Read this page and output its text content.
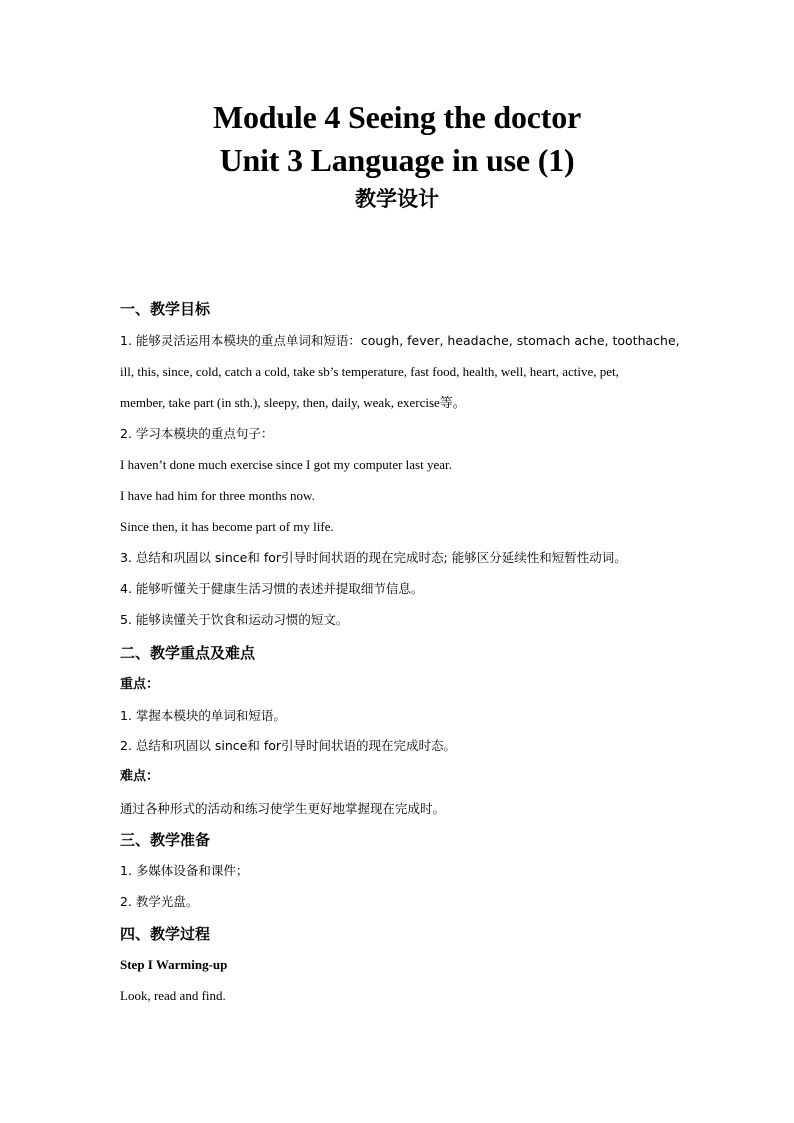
Module 4 Seeing the doctor
Unit 3 Language in use (1)
教学设计
一、教学目标
1. 能够灵活运用本模块的重点单词和短语：cough, fever, headache, stomach ache, toothache,
ill, this, since, cold, catch a cold, take sb’s temperature, fast food, health, well, heart, active, pet,
member, take part (in sth.), sleepy, then, daily, weak, exercise等。
2. 学习本模块的重点句子：
I haven’t done much exercise since I got my computer last year.
I have had him for three months now.
Since then, it has become part of my life.
3. 总结和巩固以 since和 for引导时间状语的现在完成时态; 能够区分延续性和短暂性动词。
4. 能够听懂关于健康生活习惯的表述并提取细节信息。
5. 能够读懂关于饮食和运动习惯的短文。
二、教学重点及难点
重点：
1. 掌握本模块的单词和短语。
2. 总结和巩固以 since和 for引导时间状语的现在完成时态。
难点：
通过各种形式的活动和练习使学生更好地掌握现在完成时。
三、教学准备
1. 多媒体设备和课件；
2. 教学光盘。
四、教学过程
Step I Warming-up
Look, read and find.
